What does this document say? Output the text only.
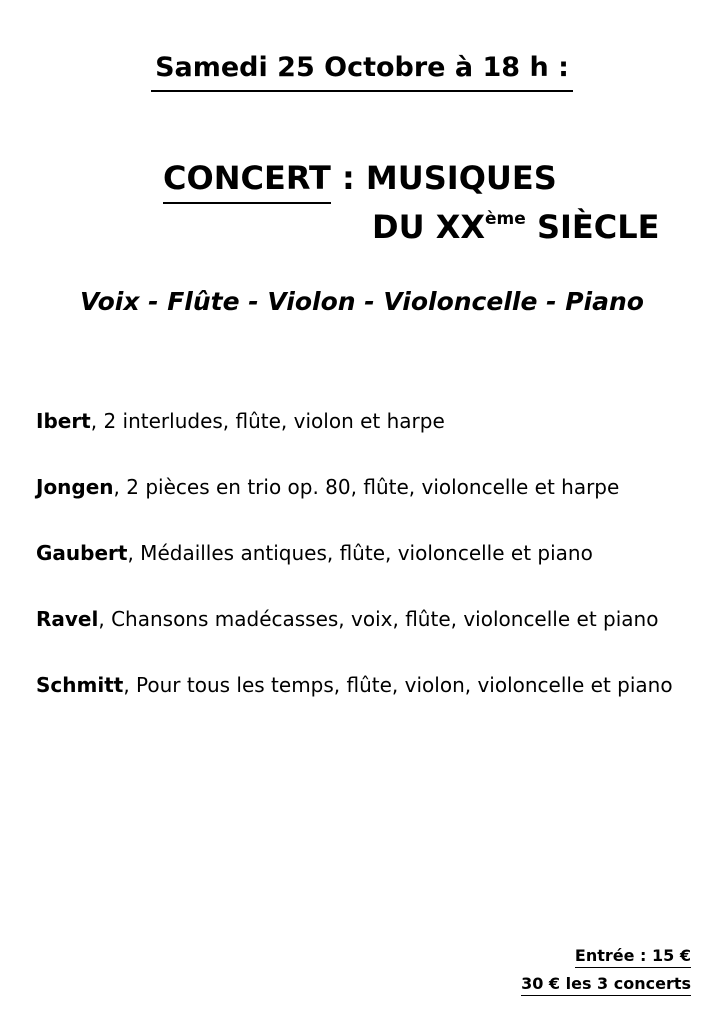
Samedi 25 Octobre à 18 h :
CONCERT : MUSIQUES
DU XXème SIÈCLE
Voix - Flûte - Violon - Violoncelle - Piano
Ibert, 2 interludes, flûte, violon et harpe
Jongen, 2 pièces en trio op. 80, flûte, violoncelle et harpe
Gaubert, Médailles antiques, flûte, violoncelle et piano
Ravel, Chansons madécasses, voix, flûte, violoncelle et piano
Schmitt, Pour tous les temps, flûte, violon, violoncelle et piano
Entrée : 15 €
30 € les 3 concerts
